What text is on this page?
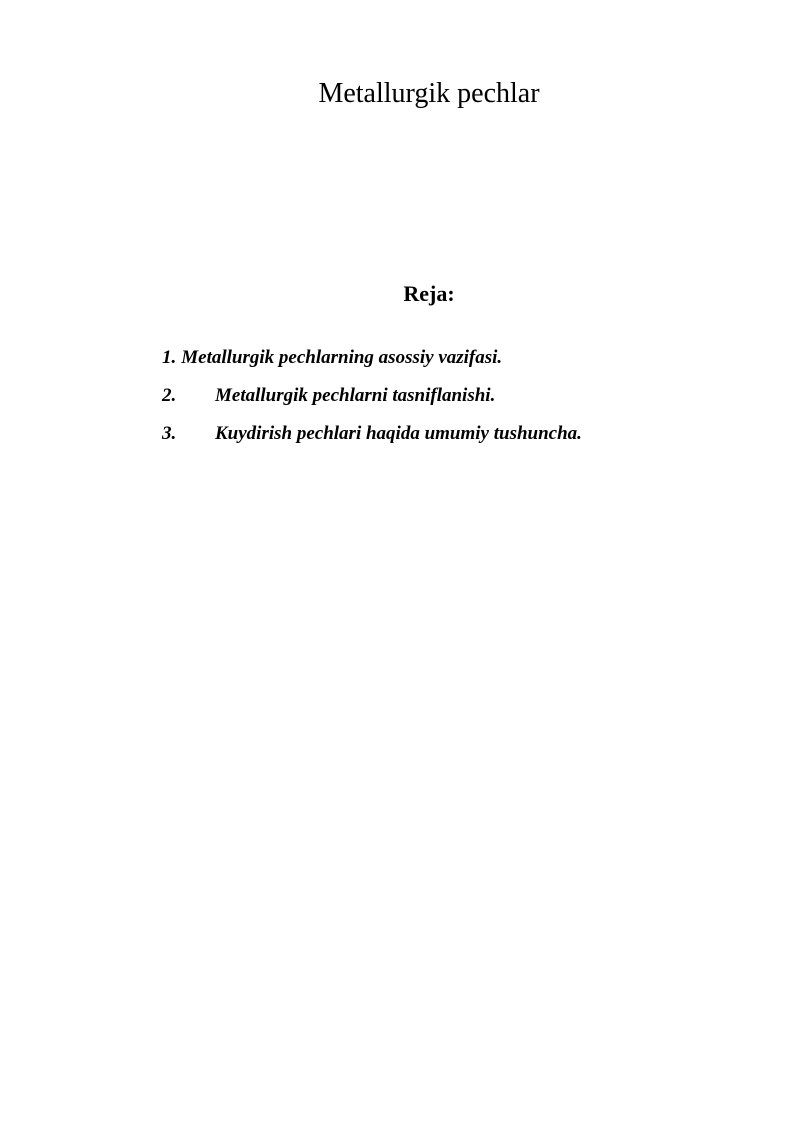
Metallurgik pechlar
Reja:
1. Metallurgik pechlarning asossiy vazifasi.
2. Metallurgik pechlarni tasniflanishi.
3. Kuydirish pechlari haqida umumiy tushuncha.
